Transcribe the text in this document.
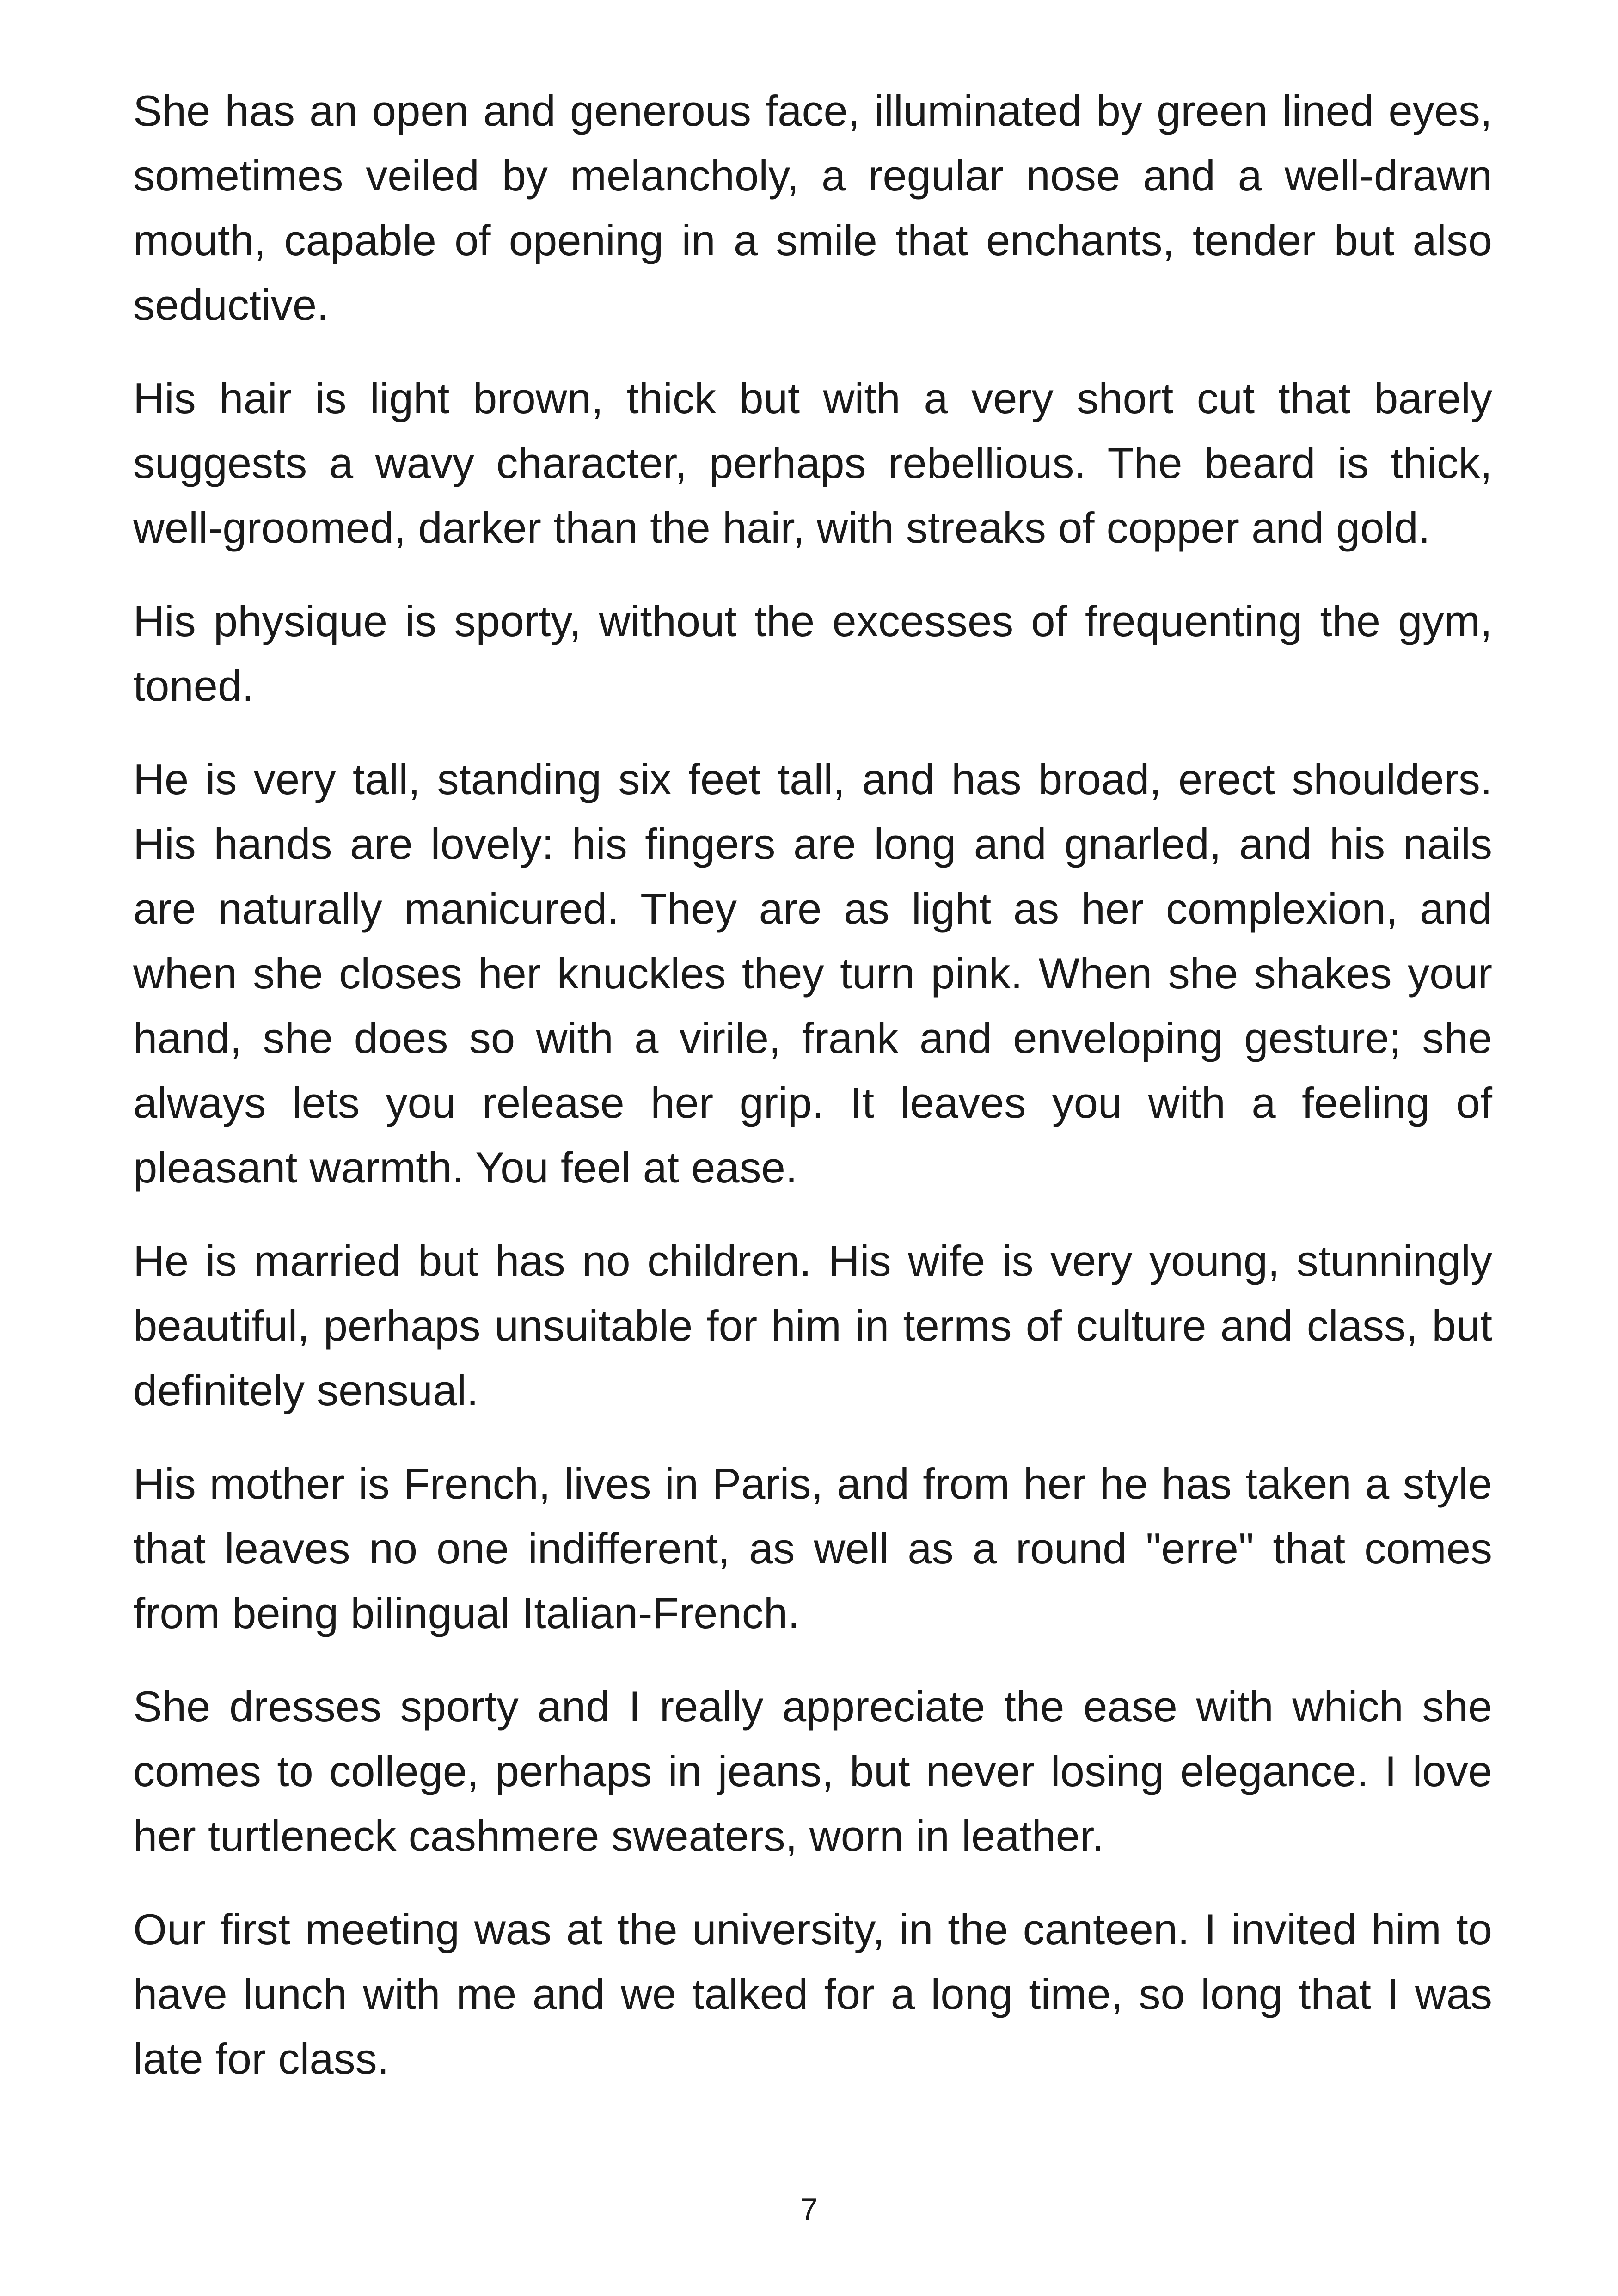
She has an open and generous face, illuminated by green lined eyes, sometimes veiled by melancholy, a regular nose and a well-drawn mouth, capable of opening in a smile that enchants, tender but also seductive.

His hair is light brown, thick but with a very short cut that barely suggests a wavy character, perhaps rebellious. The beard is thick, well-groomed, darker than the hair, with streaks of copper and gold.

His physique is sporty, without the excesses of frequenting the gym, toned.

He is very tall, standing six feet tall, and has broad, erect shoulders. His hands are lovely: his fingers are long and gnarled, and his nails are naturally manicured. They are as light as her complexion, and when she closes her knuckles they turn pink. When she shakes your hand, she does so with a virile, frank and enveloping gesture; she always lets you release her grip. It leaves you with a feeling of pleasant warmth. You feel at ease.

He is married but has no children. His wife is very young, stunningly beautiful, perhaps unsuitable for him in terms of culture and class, but definitely sensual.

His mother is French, lives in Paris, and from her he has taken a style that leaves no one indifferent, as well as a round "erre" that comes from being bilingual Italian-French.

She dresses sporty and I really appreciate the ease with which she comes to college, perhaps in jeans, but never losing elegance. I love her turtleneck cashmere sweaters, worn in leather.

Our first meeting was at the university, in the canteen. I invited him to have lunch with me and we talked for a long time, so long that I was late for class.

7
